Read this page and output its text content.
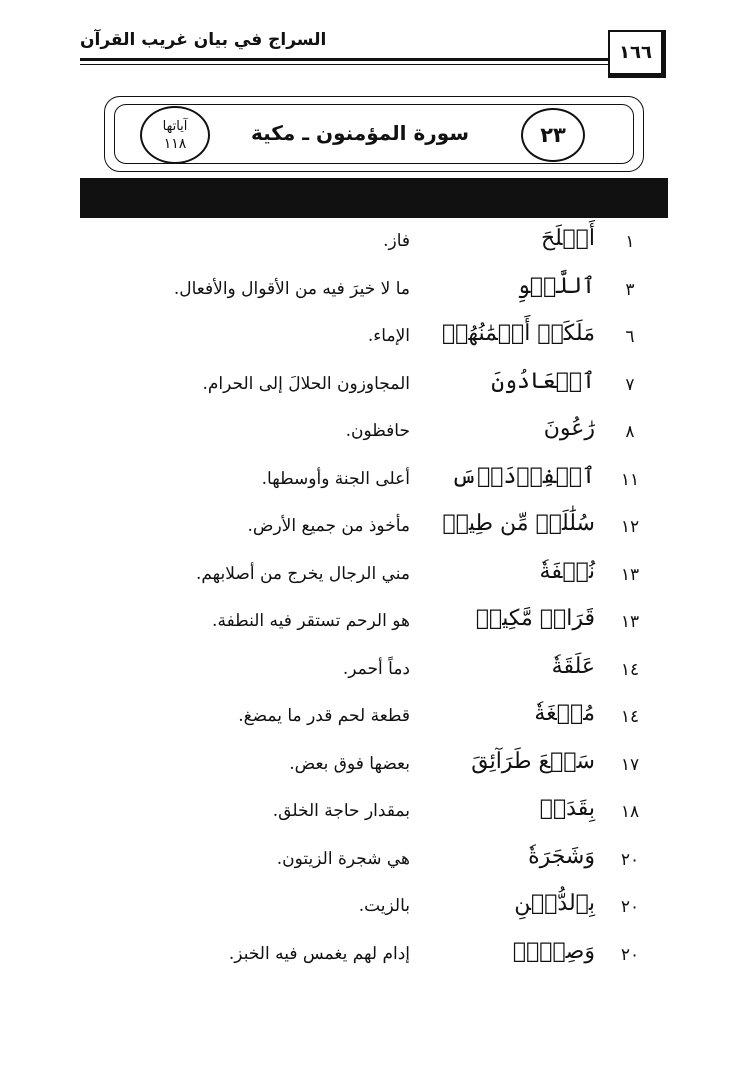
السراج في بيان غريب القرآن
١٦٦
٢٣
سورة المؤمنون ـ مكية
آياتها
١١٨
١
أَفۡلَحَ
فاز.
٣
ٱللَّغۡوِ
ما لا خيرَ فيه من الأقوال والأفعال.
٦
مَلَكَتۡ أَيۡمَٰنُهُمۡ
الإماء.
٧
ٱلۡعَادُونَ
المجاوزون الحلالَ إلى الحرام.
٨
رَٰعُونَ
حافظون.
١١
ٱلۡفِرۡدَوۡسَ
أعلى الجنة وأوسطها.
١٢
سُلَٰلَةٖ مِّن طِينٖ
مأخوذ من جميع الأرض.
١٣
نُطۡفَةٗ
مني الرجال يخرج من أصلابهم.
١٣
قَرَارٖ مَّكِينٖ
هو الرحم تستقر فيه النطفة.
١٤
عَلَقَةٗ
دماً أحمر.
١٤
مُضۡغَةٗ
قطعة لحم قدر ما يمضغ.
١٧
سَبۡعَ طَرَآئِقَ
بعضها فوق بعض.
١٨
بِقَدَرٖ
بمقدار حاجة الخلق.
٢٠
وَشَجَرَةٗ
هي شجرة الزيتون.
٢٠
بِٱلدُّهۡنِ
بالزيت.
٢٠
وَصِبۡغٖ
إدام لهم يغمس فيه الخبز.
